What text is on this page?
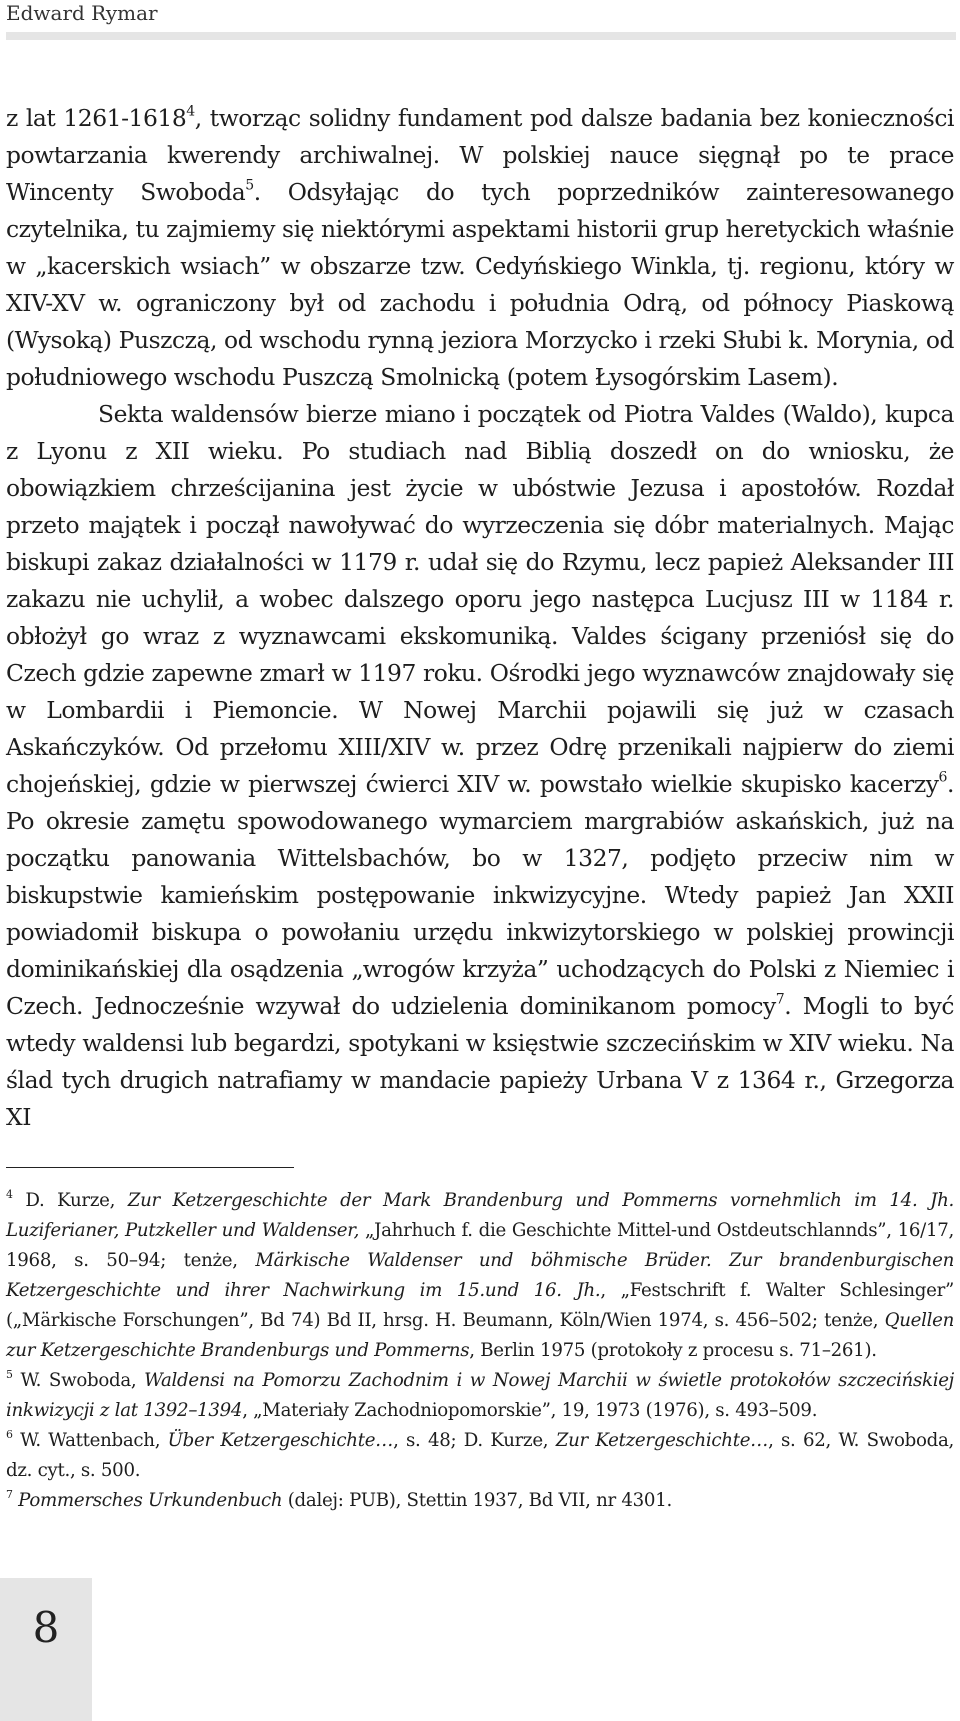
Edward Rymar

z lat 1261-1618$^4$, tworząc solidny fundament pod dalsze badania bez konieczności powtarzania kwerendy archiwalnej. W polskiej nauce sięgnął po te prace Wincenty Swoboda$^5$. Odsyłając do tych poprzedników zainteresowanego czytelnika, tu zajmiemy się niektórymi aspektami historii grup heretyckich właśnie w „kacerskich wsiach” w obszarze tzw. Cedyńskiego Winkla, tj. regionu, który w XIV-XV w. ograniczony był od zachodu i południa Odrą, od północy Piaskową (Wysoką) Puszczą, od wschodu rynną jeziora Morzycko i rzeki Słubi k. Morynia, od południowego wschodu Puszczą Smolnicką (potem Łysogórskim Lasem).

Sekta waldensów bierze miano i początek od Piotra Valdes (Waldo), kupca z Lyonu z XII wieku. Po studiach nad Biblią doszedł on do wniosku, że obowiązkiem chrześcijanina jest życie w ubóstwie Jezusa i apostołów. Rozdał przeto majątek i począł nawoływać do wyrzeczenia się dóbr materialnych. Mając biskupi zakaz działalności w 1179 r. udał się do Rzymu, lecz papież Aleksander III zakazu nie uchylił, a wobec dalszego oporu jego następca Lucjusz III w 1184 r. obłożył go wraz z wyznawcami ekskomuniką. Valdes ścigany przeniósł się do Czech gdzie zapewne zmarł w 1197 roku. Ośrodki jego wyznawców znajdowały się w Lombardii i Piemoncie. W Nowej Marchii pojawili się już w czasach Askańczyków. Od przełomu XIII/XIV w. przez Odrę przenikali najpierw do ziemi chojeńskiej, gdzie w pierwszej ćwierci XIV w. powstało wielkie skupisko kacerzy$^6$. Po okresie zamętu spowodowanego wymarciem margrabiów askańskich, już na początku panowania Wittelsbachów, bo w 1327, podjęto przeciw nim w biskupstwie kamieńskim postępowanie inkwizycyjne. Wtedy papież Jan XXII powiadomił biskupa o powołaniu urzędu inkwizytorskiego w polskiej prowincji dominikańskiej dla osądzenia „wrogów krzyża” uchodzących do Polski z Niemiec i Czech. Jednocześnie wzywał do udzielenia dominikanom pomocy$^7$. Mogli to być wtedy waldensi lub begardzi, spotykani w księstwie szczecińskim w XIV wieku. Na ślad tych drugich natrafiamy w mandacie papieży Urbana V z 1364 r., Grzegorza XI

$^4$ D. Kurze, Zur Ketzergeschichte der Mark Brandenburg und Pommerns vornehmlich im 14. Jh. Luziferianer, Putzkeller und Waldenser, „Jahrhuch f. die Geschichte Mittel-und Ostdeutschlannds”, 16/17, 1968, s. 50–94; tenże, Märkische Waldenser und böhmische Brüder. Zur brandenburgischen Ketzergeschichte und ihrer Nachwirkung im 15.und 16. Jh., „Festschrift f. Walter Schlesinger” („Märkische Forschungen”, Bd 74) Bd II, hrsg. H. Beumann, Köln/Wien 1974, s. 456–502; tenże, Quellen zur Ketzergeschichte Brandenburgs und Pommerns, Berlin 1975 (protokoły z procesu s. 71–261).

$^5$ W. Swoboda, Waldensi na Pomorzu Zachodnim i w Nowej Marchii w świetle protokołów szczecińskiej inkwizycji z lat 1392–1394, „Materiały Zachodniopomorskie”, 19, 1973 (1976), s. 493–509.

$^6$ W. Wattenbach, Über Ketzergeschichte…, s. 48; D. Kurze, Zur Ketzergeschichte…, s. 62, W. Swoboda, dz. cyt., s. 500.

$^7$ Pommersches Urkundenbuch (dalej: PUB), Stettin 1937, Bd VII, nr 4301.

8
